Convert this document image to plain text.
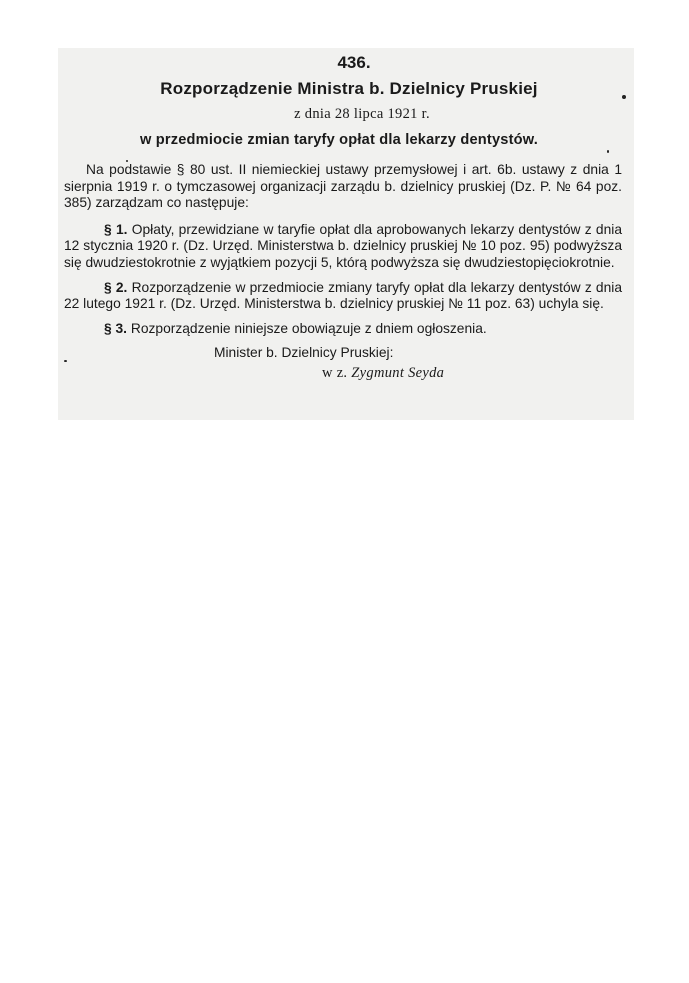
436.
Rozporządzenie Ministra b. Dzielnicy Pruskiej
z dnia 28 lipca 1921 r.
w przedmiocie zmian taryfy opłat dla lekarzy dentystów.

Na podstawie § 80 ust. II niemieckiej ustawy przemysłowej i art. 6b. ustawy z dnia 1 sierpnia 1919 r. o tymczasowej organizacji zarządu b. dzielnicy pruskiej (Dz. P. № 64 poz. 385) zarządzam co następuje:

§ 1. Opłaty, przewidziane w taryfie opłat dla aprobowanych lekarzy dentystów z dnia 12 stycznia 1920 r. (Dz. Urzęd. Ministerstwa b. dzielnicy pruskiej № 10 poz. 95) podwyższa się dwudziestokrotnie z wyjątkiem pozycji 5, którą podwyższa się dwudziestopięciokrotnie.

§ 2. Rozporządzenie w przedmiocie zmiany taryfy opłat dla lekarzy dentystów z dnia 22 lutego 1921 r. (Dz. Urzęd. Ministerstwa b. dzielnicy pruskiej № 11 poz. 63) uchyla się.

§ 3. Rozporządzenie niniejsze obowiązuje z dniem ogłoszenia.

Minister b. Dzielnicy Pruskiej:
w z. Zygmunt Seyda
